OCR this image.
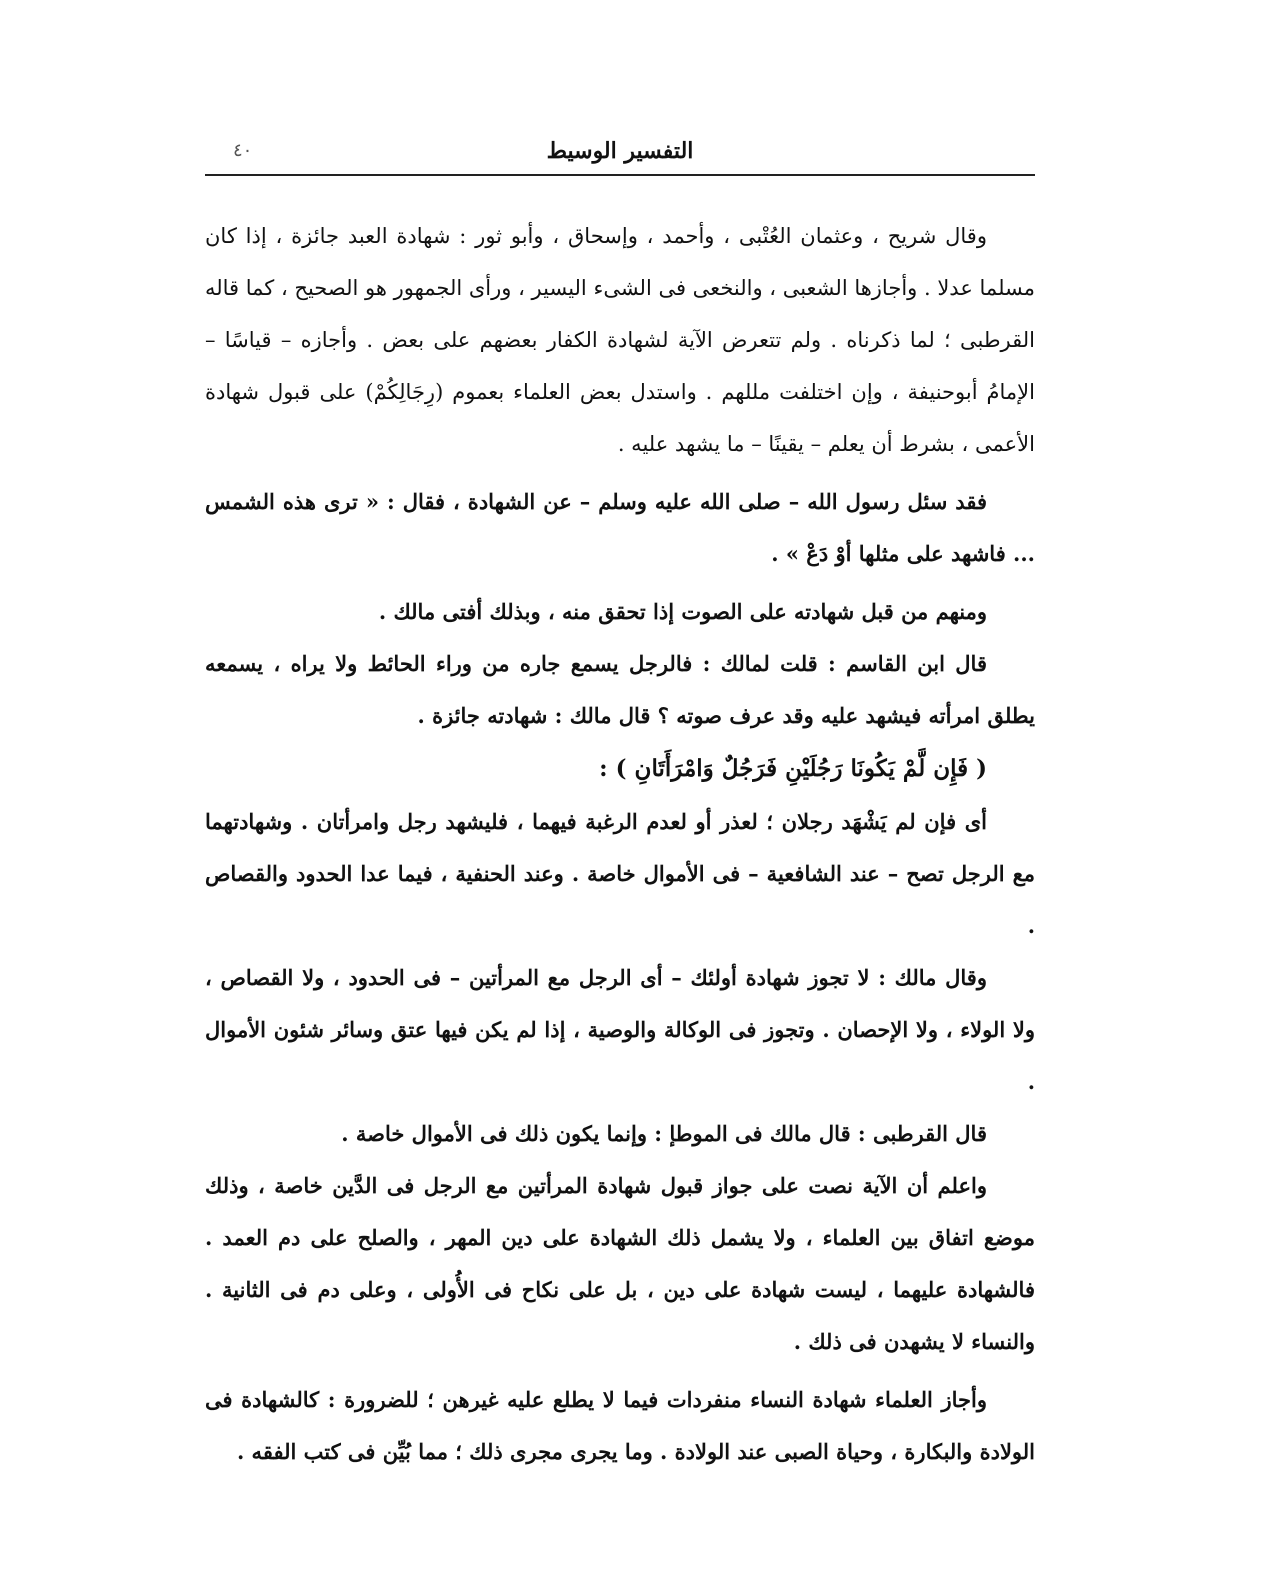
التفسير الوسيط
٤٠

وقال شريح ، وعثمان العُتْبى ، وأحمد ، وإسحاق ، وأبو ثور : شهادة العبد جائزة ، إذا كان مسلما عدلا . وأجازها الشعبى ، والنخعى فى الشىء اليسير ، ورأى الجمهور هو الصحيح ، كما قاله القرطبى ؛ لما ذكرناه . ولم تتعرض الآية لشهادة الكفار بعضهم على بعض . وأجازه – قياسًا – الإمامُ أبوحنيفة ، وإن اختلفت مللهم . واستدل بعض العلماء بعموم (رِجَالِكُمْ) على قبول شهادة الأعمى ، بشرط أن يعلم – يقينًا – ما يشهد عليه .

فقد سئل رسول الله – صلى الله عليه وسلم – عن الشهادة ، فقال : « ترى هذه الشمس ... فاشهد على مثلها أوْ دَعْ » .

ومنهم من قبل شهادته على الصوت إذا تحقق منه ، وبذلك أفتى مالك .

قال ابن القاسم : قلت لمالك : فالرجل يسمع جاره من وراء الحائط ولا يراه ، يسمعه يطلق امرأته فيشهد عليه وقد عرف صوته ؟ قال مالك : شهادته جائزة .

( فَإِن لَّمْ يَكُونَا رَجُلَيْنِ فَرَجُلٌ وَامْرَأَتَانِ ) :

أى فإن لم يَشْهَد رجلان ؛ لعذر أو لعدم الرغبة فيهما ، فليشهد رجل وامرأتان . وشهادتهما مع الرجل تصح – عند الشافعية – فى الأموال خاصة . وعند الحنفية ، فيما عدا الحدود والقصاص .

وقال مالك : لا تجوز شهادة أولئك – أى الرجل مع المرأتين – فى الحدود ، ولا القصاص ، ولا الولاء ، ولا الإحصان . وتجوز فى الوكالة والوصية ، إذا لم يكن فيها عتق وسائر شئون الأموال .

قال القرطبى : قال مالك فى الموطإ : وإنما يكون ذلك فى الأموال خاصة .

واعلم أن الآية نصت على جواز قبول شهادة المرأتين مع الرجل فى الدَّين خاصة ، وذلك موضع اتفاق بين العلماء ، ولا يشمل ذلك الشهادة على دين المهر ، والصلح على دم العمد . فالشهادة عليهما ، ليست شهادة على دين ، بل على نكاح فى الأُولى ، وعلى دم فى الثانية . والنساء لا يشهدن فى ذلك .

وأجاز العلماء شهادة النساء منفردات فيما لا يطلع عليه غيرهن ؛ للضرورة : كالشهادة فى الولادة والبكارة ، وحياة الصبى عند الولادة . وما يجرى مجرى ذلك ؛ مما بُيِّن فى كتب الفقه .
